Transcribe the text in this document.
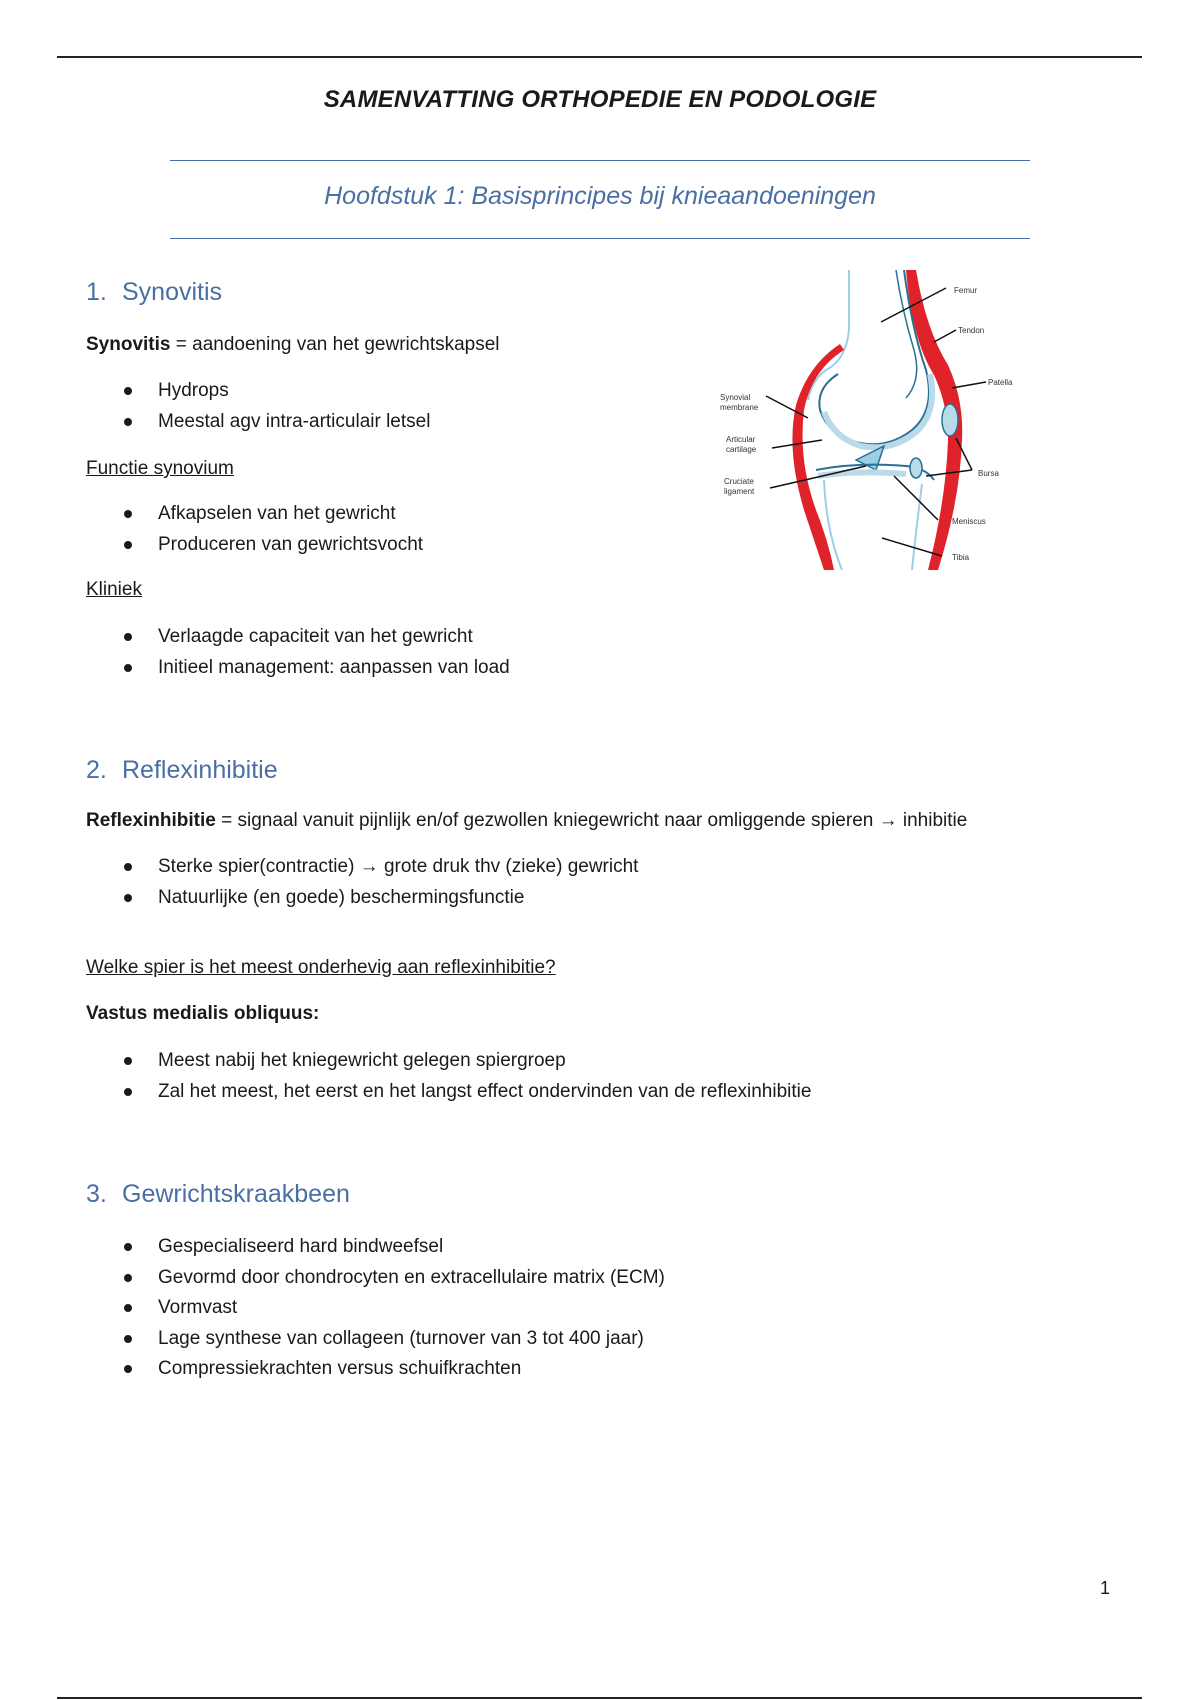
SAMENVATTING ORTHOPEDIE EN PODOLOGIE
Hoofdstuk 1: Basisprincipes bij knieaandoeningen
1. Synovitis
Synovitis = aandoening van het gewrichtskapsel
Hydrops
Meestal agv intra-articulair letsel
Functie synovium
Afkapselen van het gewricht
Produceren van gewrichtsvocht
Kliniek
Verlaagde capaciteit van het gewricht
Initieel management: aanpassen van load
Femur
Tendon
Patella
Synovial
membrane
Articular
cartilage
Cruciate
ligament
Bursa
Meniscus
Tibia
2. Reflexinhibitie
Reflexinhibitie = signaal vanuit pijnlijk en/of gezwollen kniegewricht naar omliggende spieren → inhibitie
Sterke spier(contractie) → grote druk thv (zieke) gewricht
Natuurlijke (en goede) beschermingsfunctie
Welke spier is het meest onderhevig aan reflexinhibitie?
Vastus medialis obliquus:
Meest nabij het kniegewricht gelegen spiergroep
Zal het meest, het eerst en het langst effect ondervinden van de reflexinhibitie
3. Gewrichtskraakbeen
Gespecialiseerd hard bindweefsel
Gevormd door chondrocyten en extracellulaire matrix (ECM)
Vormvast
Lage synthese van collageen (turnover van 3 tot 400 jaar)
Compressiekrachten versus schuifkrachten
1
